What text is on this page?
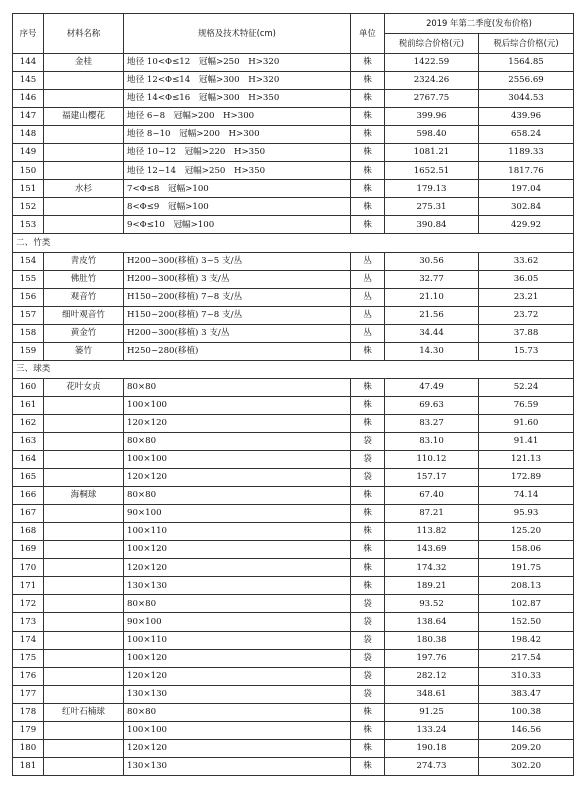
序号	材料名称	规格及技术特征(cm)	单位	2019 年第二季度(发布价格)	
				税前综合价格(元)	税后综合价格(元)
144	金桂	地径 10<Φ≤12　冠幅>250　H>320	株	1422.59	1564.85
145		地径 12<Φ≤14　冠幅>300　H>320	株	2324.26	2556.69
146		地径 14<Φ≤16　冠幅>300　H>350	株	2767.75	3044.53
147	福建山樱花	地径 6~8　冠幅>200　H>300	株	399.96	439.96
148		地径 8~10　冠幅>200　H>300	株	598.40	658.24
149		地径 10~12　冠幅>220　H>350	株	1081.21	1189.33
150		地径 12~14　冠幅>250　H>350	株	1652.51	1817.76
151	水杉	7<Φ≤8　冠幅>100	株	179.13	197.04
152		8<Φ≤9　冠幅>100	株	275.31	302.84
153		9<Φ≤10　冠幅>100	株	390.84	429.92
二、竹类					
154	青皮竹	H200~300(移植) 3~5 支/丛	丛	30.56	33.62
155	佛肚竹	H200~300(移植) 3 支/丛	丛	32.77	36.05
156	观音竹	H150~200(移植) 7~8 支/丛	丛	21.10	23.21
157	细叶观音竹	H150~200(移植) 7~8 支/丛	丛	21.56	23.72
158	黄金竹	H200~300(移植) 3 支/丛	丛	34.44	37.88
159	篓竹	H250~280(移植)	株	14.30	15.73
三、球类					
160	花叶女贞	80×80	株	47.49	52.24
161		100×100	株	69.63	76.59
162		120×120	株	83.27	91.60
163		80×80	袋	83.10	91.41
164		100×100	袋	110.12	121.13
165		120×120	袋	157.17	172.89
166	海桐球	80×80	株	67.40	74.14
167		90×100	株	87.21	95.93
168		100×110	株	113.82	125.20
169		100×120	株	143.69	158.06
170		120×120	株	174.32	191.75
171		130×130	株	189.21	208.13
172		80×80	袋	93.52	102.87
173		90×100	袋	138.64	152.50
174		100×110	袋	180.38	198.42
175		100×120	袋	197.76	217.54
176		120×120	袋	282.12	310.33
177		130×130	袋	348.61	383.47
178	红叶石楠球	80×80	株	91.25	100.38
179		100×100	株	133.24	146.56
180		120×120	株	190.18	209.20
181		130×130	株	274.73	302.20
